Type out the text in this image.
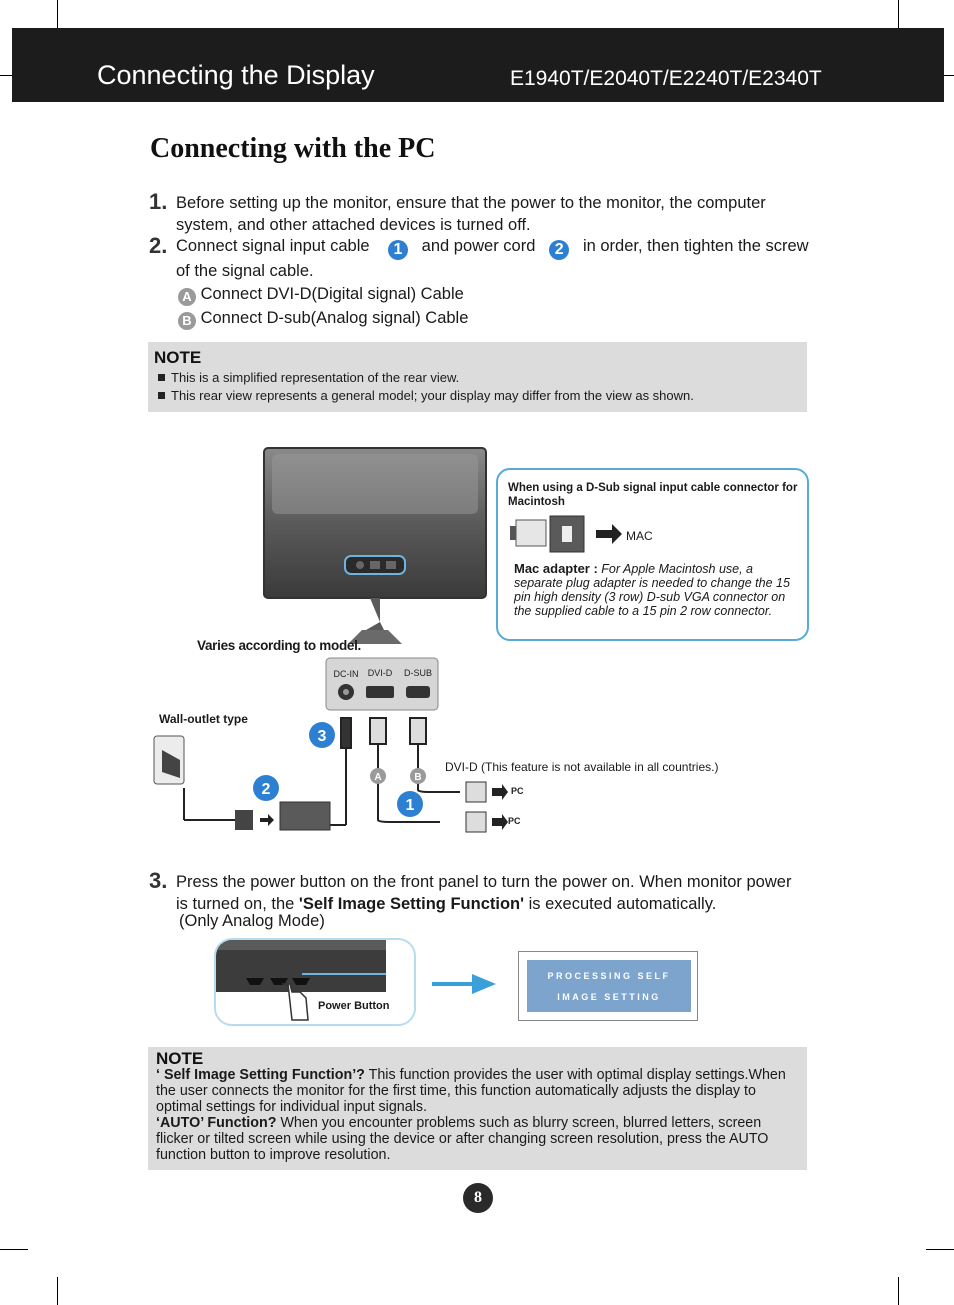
Connecting the Display	E1940T/E2040T/E2240T/E2340T
Connecting with the PC
1. Before setting up the monitor, ensure that the power to the monitor, the computer system, and other attached devices is turned off.
2. Connect signal input cable 1 and power cord 2 in order, then tighten the screw of the signal cable.
A Connect DVI-D(Digital signal) Cable
B Connect D-sub(Analog signal) Cable
NOTE
This is a simplified representation of the rear view.
This rear view represents a general model; your display may differ from the view as shown.
DC-IN DVI-D D-SUB
3
2
1
A	B
PC
PC
Varies according to model.
Wall-outlet type
DVI-D (This feature is not available in all countries.)
When using a D-Sub signal input cable connector for Macintosh
MAC
Mac adapter : For Apple Macintosh use, a separate plug adapter is needed to change the 15 pin high density (3 row) D-sub VGA connector on the supplied cable to a 15 pin 2 row connector.
3. Press the power button on the front panel to turn the power on. When monitor power is turned on, the 'Self Image Setting Function' is executed automatically.
(Only Analog Mode)
Power Button
PROCESSING SELF
IMAGE SETTING
NOTE
‘ Self Image Setting Function’? This function provides the user with optimal display settings.When the user connects the monitor for the first time, this function automatically adjusts the display to optimal settings for individual input signals.
‘AUTO’ Function? When you encounter problems such as blurry screen, blurred letters, screen flicker or tilted screen while using the device or after changing screen resolution, press the AUTO function button to improve resolution.
8
